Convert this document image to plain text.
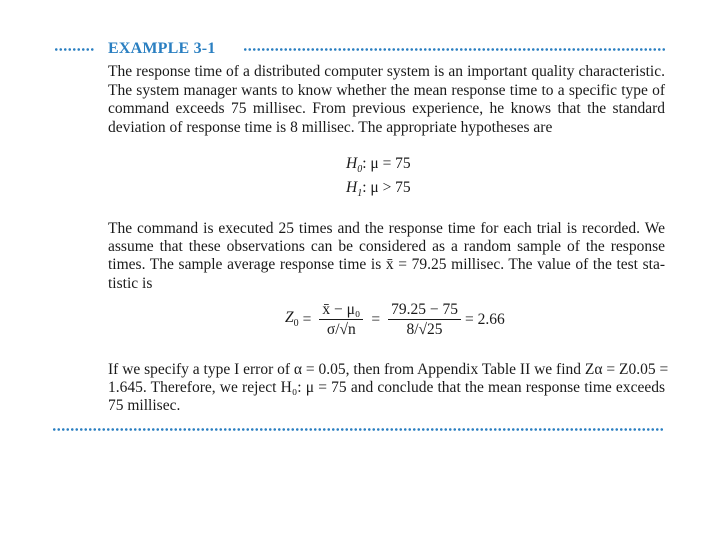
EXAMPLE 3-1
The response time of a distributed computer system is an important quality characteristic.
The system manager wants to know whether the mean response time to a specific type of
command exceeds 75 millisec. From previous experience, he knows that the standard
deviation of response time is 8 millisec. The appropriate hypotheses are
$H_0$: μ = 75
$H_1$: μ > 75
The command is executed 25 times and the response time for each trial is recorded. We
assume that these observations can be considered as a random sample of the response
times. The sample average response time is x̄ = 79.25 millisec. The value of the test sta-
tistic is
$Z_0 = \frac{\text{x̄ − μ₀}}{\sigma/√n} = \frac{79.25 - 75}{8/√25} = 2.66$
If we specify a type I error of α = 0.05, then from Appendix Table II we find Zα = Z0.05 =
1.645. Therefore, we reject H₀: μ = 75 and conclude that the mean response time exceeds
75 millisec.
